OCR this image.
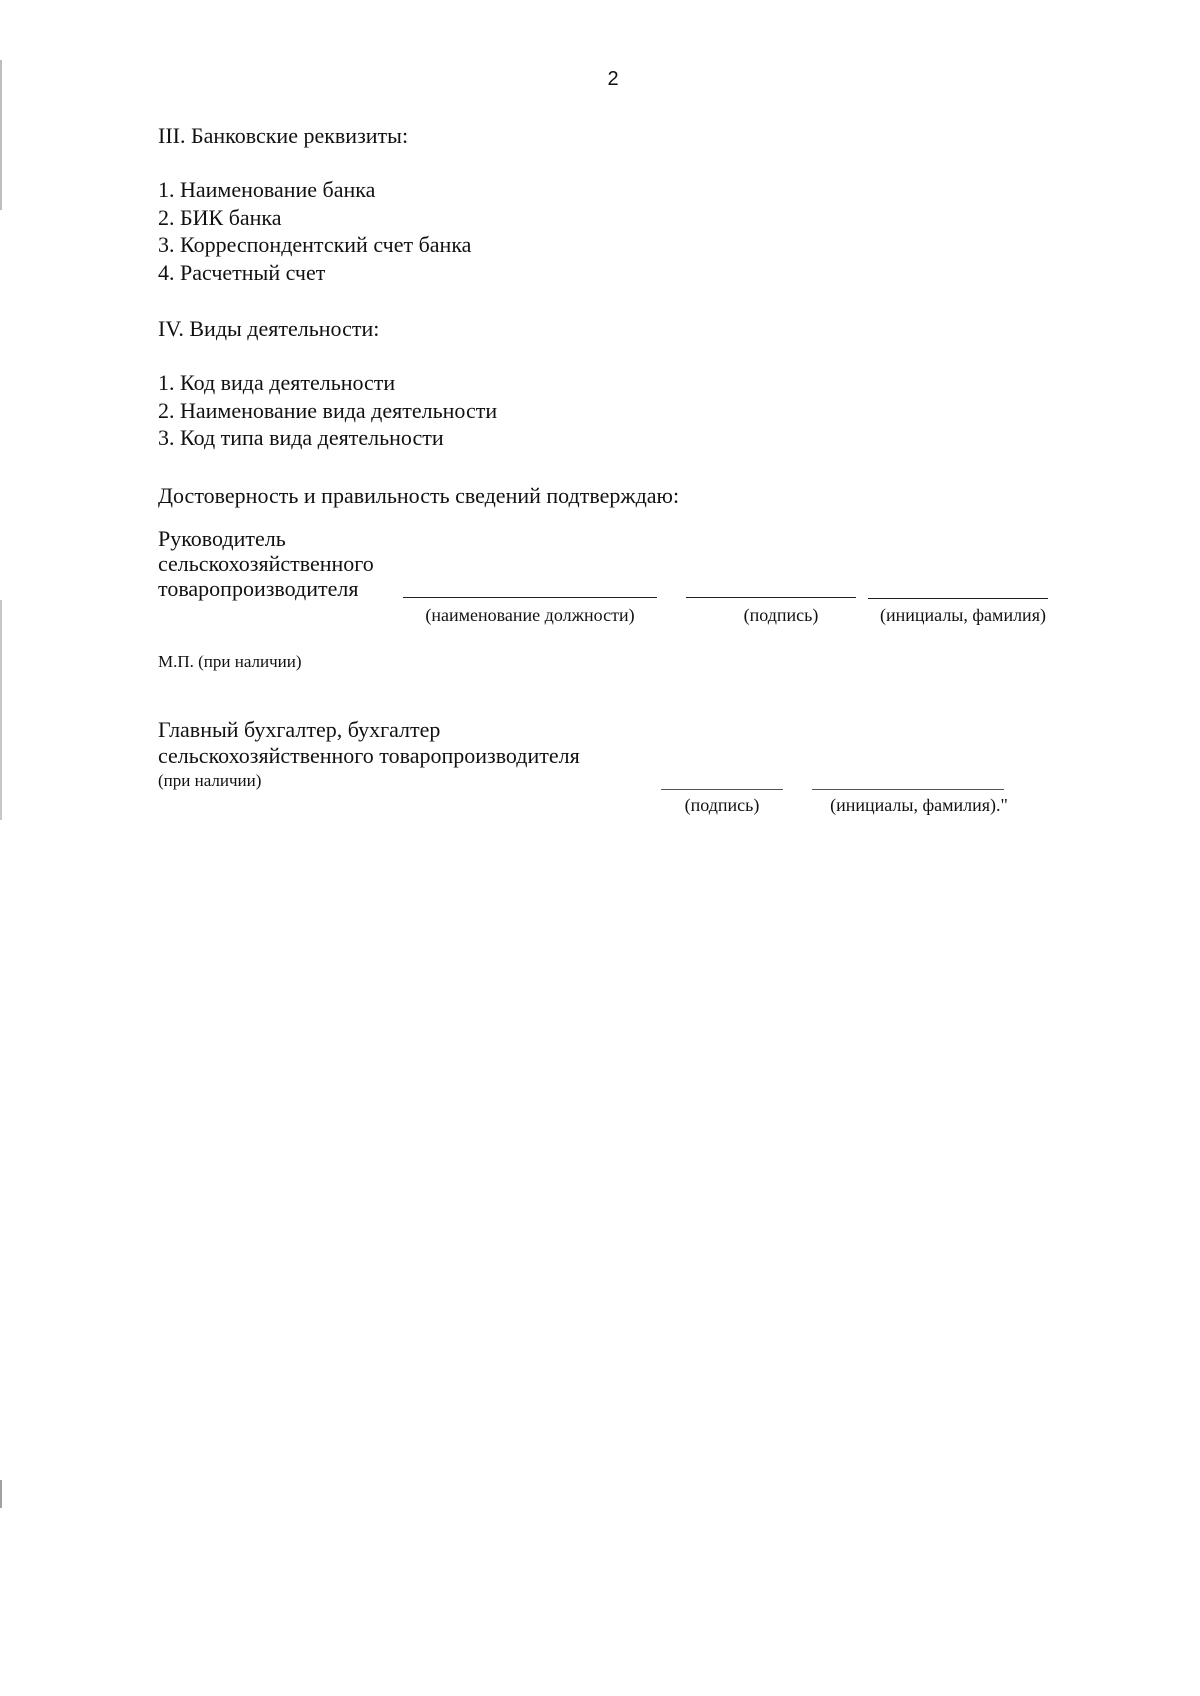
2
III. Банковские реквизиты:
1. Наименование банка
2. БИК банка
3. Корреспондентский счет банка
4. Расчетный счет
IV. Виды деятельности:
1. Код вида деятельности
2. Наименование вида деятельности
3. Код типа вида деятельности
Достоверность и правильность сведений подтверждаю:
Руководитель
сельскохозяйственного
товаропроизводителя
(наименование должности)	(подпись)	(инициалы, фамилия)
М.П. (при наличии)
Главный бухгалтер, бухгалтер
сельскохозяйственного товаропроизводителя
(при наличии)
(подпись)	(инициалы, фамилия)."
